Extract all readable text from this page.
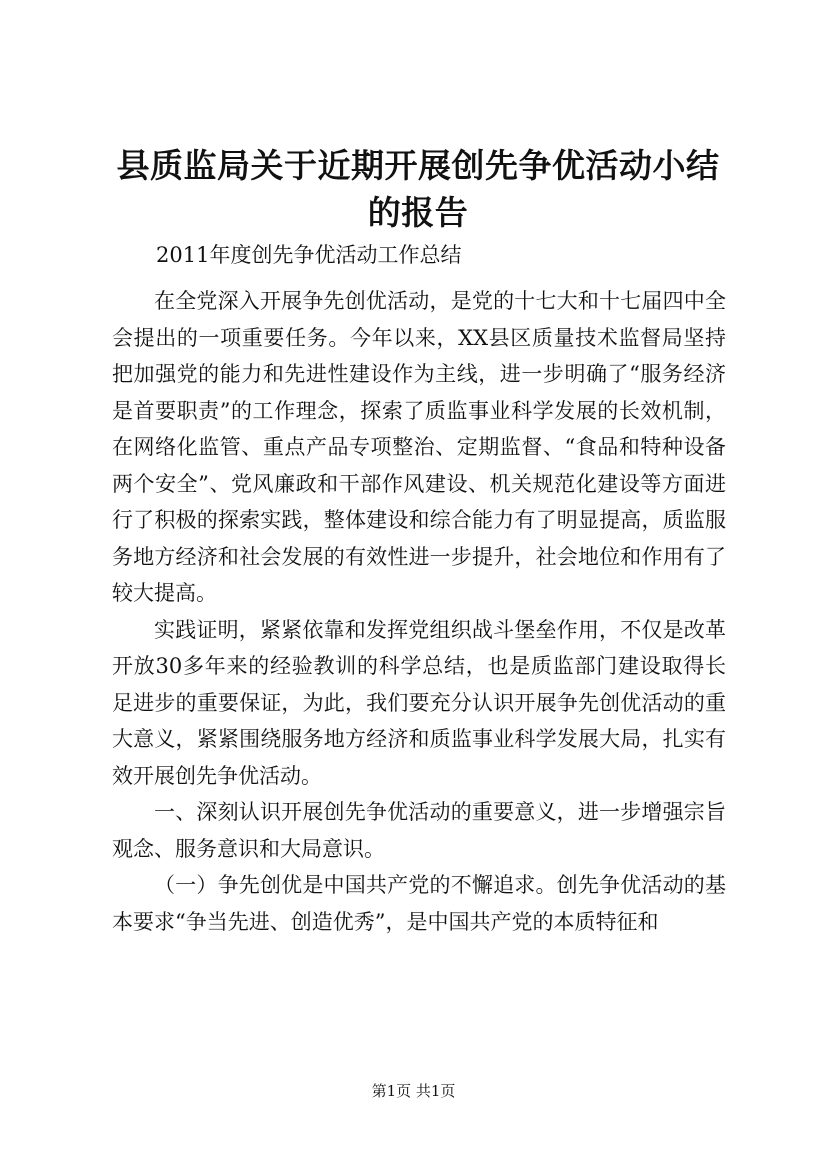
县质监局关于近期开展创先争优活动小结的报告

2011年度创先争优活动工作总结

在全党深入开展争先创优活动，是党的十七大和十七届四中全会提出的一项重要任务。今年以来，XX县区质量技术监督局坚持把加强党的能力和先进性建设作为主线，进一步明确了“服务经济是首要职责”的工作理念，探索了质监事业科学发展的长效机制，在网络化监管、重点产品专项整治、定期监督、“食品和特种设备两个安全”、党风廉政和干部作风建设、机关规范化建设等方面进行了积极的探索实践，整体建设和综合能力有了明显提高，质监服务地方经济和社会发展的有效性进一步提升，社会地位和作用有了较大提高。

实践证明，紧紧依靠和发挥党组织战斗堡垒作用，不仅是改革开放30多年来的经验教训的科学总结，也是质监部门建设取得长足进步的重要保证，为此，我们要充分认识开展争先创优活动的重大意义，紧紧围绕服务地方经济和质监事业科学发展大局，扎实有效开展创先争优活动。

一、深刻认识开展创先争优活动的重要意义，进一步增强宗旨观念、服务意识和大局意识。

（一）争先创优是中国共产党的不懈追求。创先争优活动的基本要求“争当先进、创造优秀”，是中国共产党的本质特征和

第1页 共1页
